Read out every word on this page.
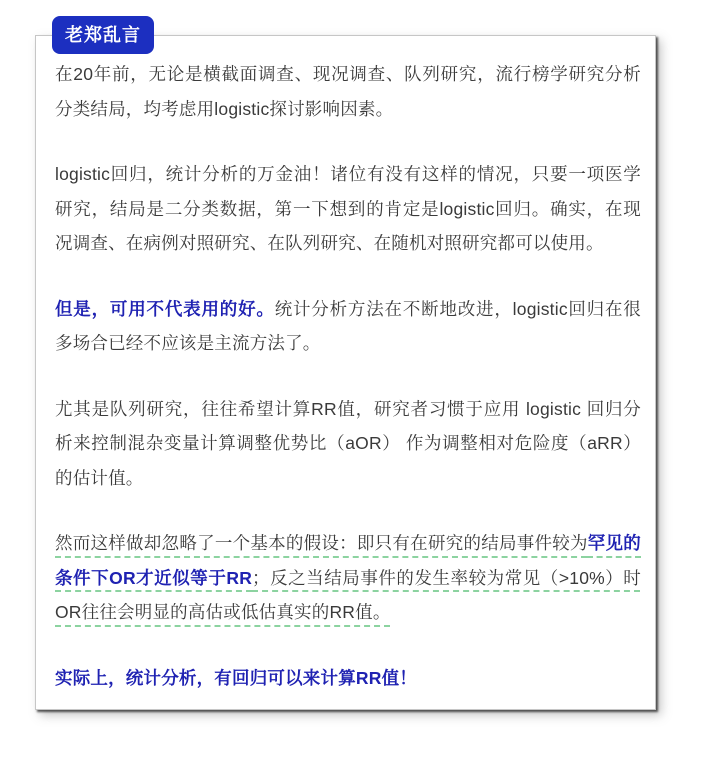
老郑乱言

在20年前，无论是横截面调查、现况调查、队列研究，流行榜学研究分析分类结局，均考虑用logistic探讨影响因素。

logistic回归，统计分析的万金油！诸位有没有这样的情况，只要一项医学研究，结局是二分类数据，第一下想到的肯定是logistic回归。确实，在现况调查、在病例对照研究、在队列研究、在随机对照研究都可以使用。

但是，可用不代表用的好。统计分析方法在不断地改进，logistic回归在很多场合已经不应该是主流方法了。

尤其是队列研究，往往希望计算RR值，研究者习惯于应用 logistic 回归分析来控制混杂变量计算调整优势比（aOR） 作为调整相对危险度（aRR）的估计值。

然而这样做却忽略了一个基本的假设：即只有在研究的结局事件较为罕见的条件下OR才近似等于RR；反之当结局事件的发生率较为常见（>10%）时OR往往会明显的高估或低估真实的RR值。

实际上，统计分析，有回归可以来计算RR值！
